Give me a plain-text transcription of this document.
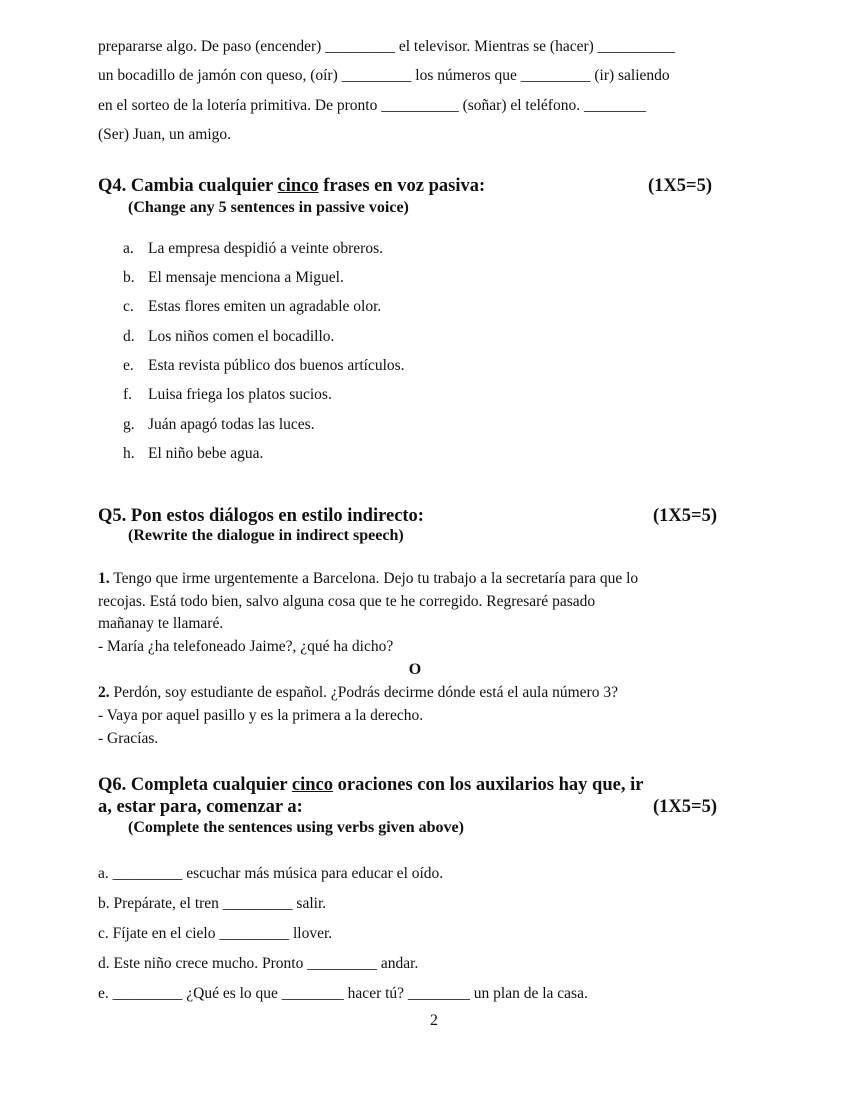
prepararse algo. De paso (encender) _________ el televisor. Mientras se (hacer) __________
un bocadillo de jamón con queso, (oír) _________ los números que _________ (ir) saliendo
en el sorteo de la lotería primitiva. De pronto __________ (soñar) el teléfono. ________
(Ser) Juan, un amigo.
Q4. Cambia cualquier cinco frases en voz pasiva:	(1X5=5)
(Change any 5 sentences in passive voice)
a. La empresa despidió a veinte obreros.
b. El mensaje menciona a Miguel.
c. Estas flores emiten un agradable olor.
d. Los niños comen el bocadillo.
e. Esta revista público dos buenos artículos.
f. Luisa friega los platos sucios.
g. Juán apagó todas las luces.
h. El niño bebe agua.
Q5. Pon estos diálogos en estilo indirecto:	(1X5=5)
(Rewrite the dialogue in indirect speech)
1. Tengo que irme urgentemente a Barcelona. Dejo tu trabajo a la secretaría para que lo
recojas. Está todo bien, salvo alguna cosa que te he corregido. Regresaré pasado
mañanay te llamaré.
- María ¿ha telefoneado Jaime?, ¿qué ha dicho?
O
2. Perdón, soy estudiante de español. ¿Podrás decirme dónde está el aula número 3?
- Vaya por aquel pasillo y es la primera a la derecho.
- Gracías.
Q6. Completa cualquier cinco oraciones con los auxilarios hay que, ir
a, estar para, comenzar a:	(1X5=5)
(Complete the sentences using verbs given above)
a. _________ escuchar más música para educar el oído.
b. Prepárate, el tren _________ salir.
c. Fíjate en el cielo _________ llover.
d. Este niño crece mucho. Pronto _________ andar.
e. _________ ¿Qué es lo que ________ hacer tú? ________ un plan de la casa.
2
